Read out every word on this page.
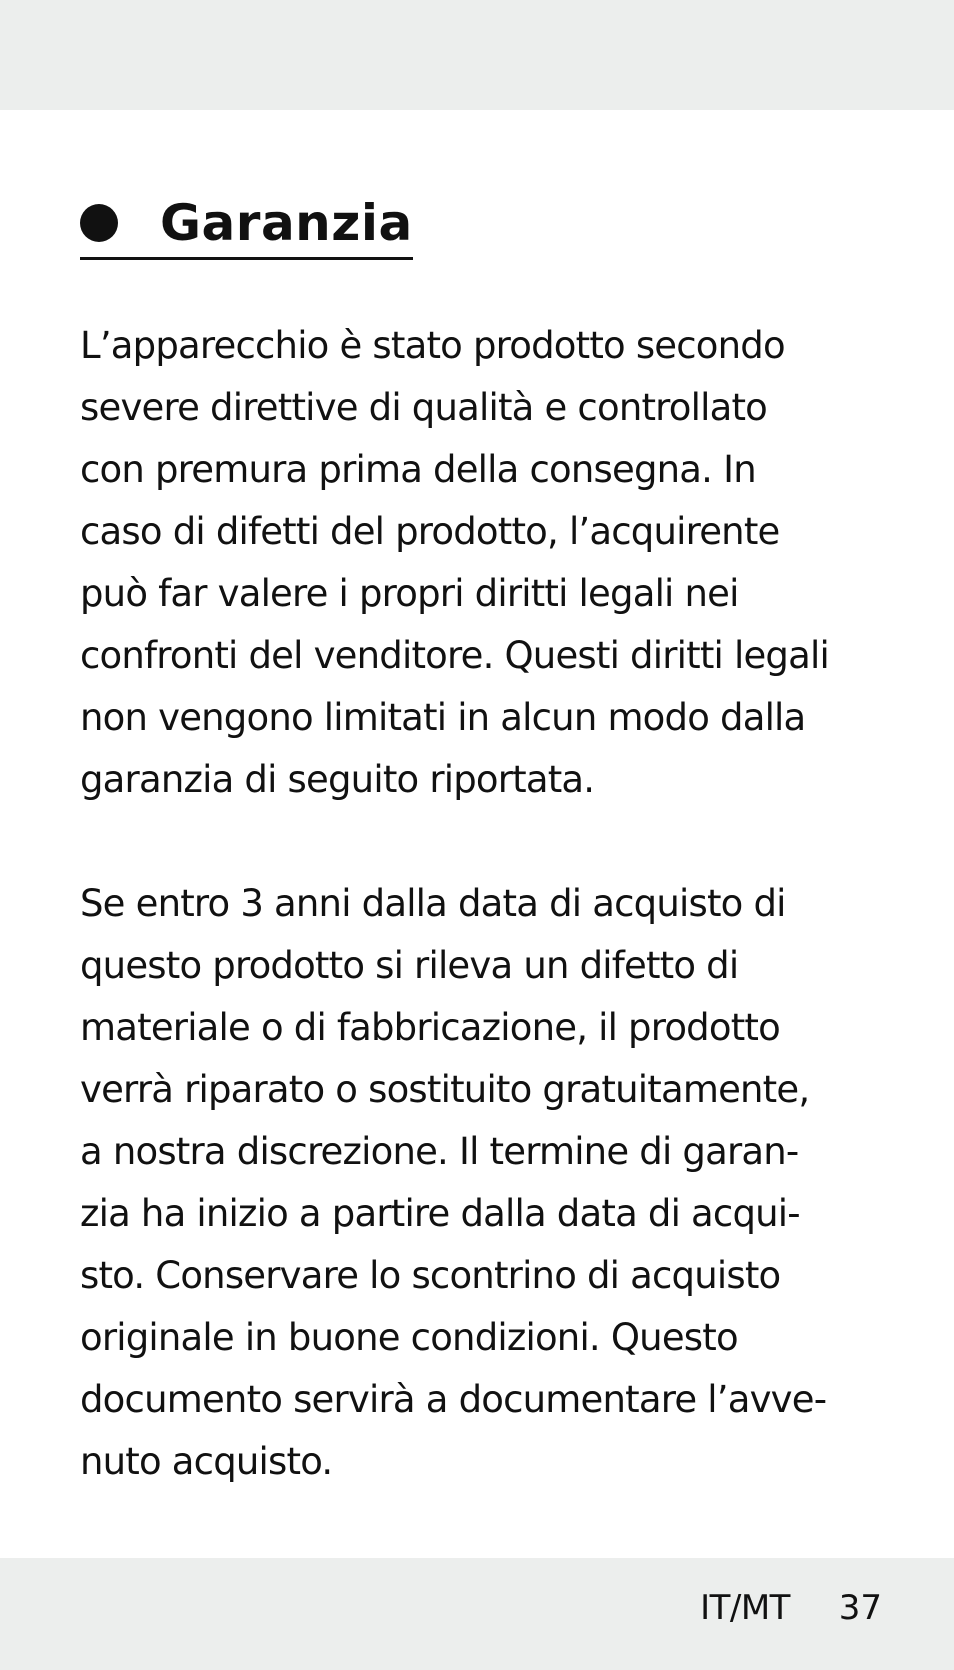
Garanzia

L’apparecchio è stato prodotto secondo
severe direttive di qualità e controllato
con premura prima della consegna. In
caso di difetti del prodotto, l’acquirente
può far valere i propri diritti legali nei
confronti del venditore. Questi diritti legali
non vengono limitati in alcun modo dalla
garanzia di seguito riportata.

Se entro 3 anni dalla data di acquisto di
questo prodotto si rileva un difetto di
materiale o di fabbricazione, il prodotto
verrà riparato o sostituito gratuitamente,
a nostra discrezione. Il termine di garan-
zia ha inizio a partire dalla data di acqui-
sto. Conservare lo scontrino di acquisto
originale in buone condizioni. Questo
documento servirà a documentare l’avve-
nuto acquisto.

IT/MT 37
